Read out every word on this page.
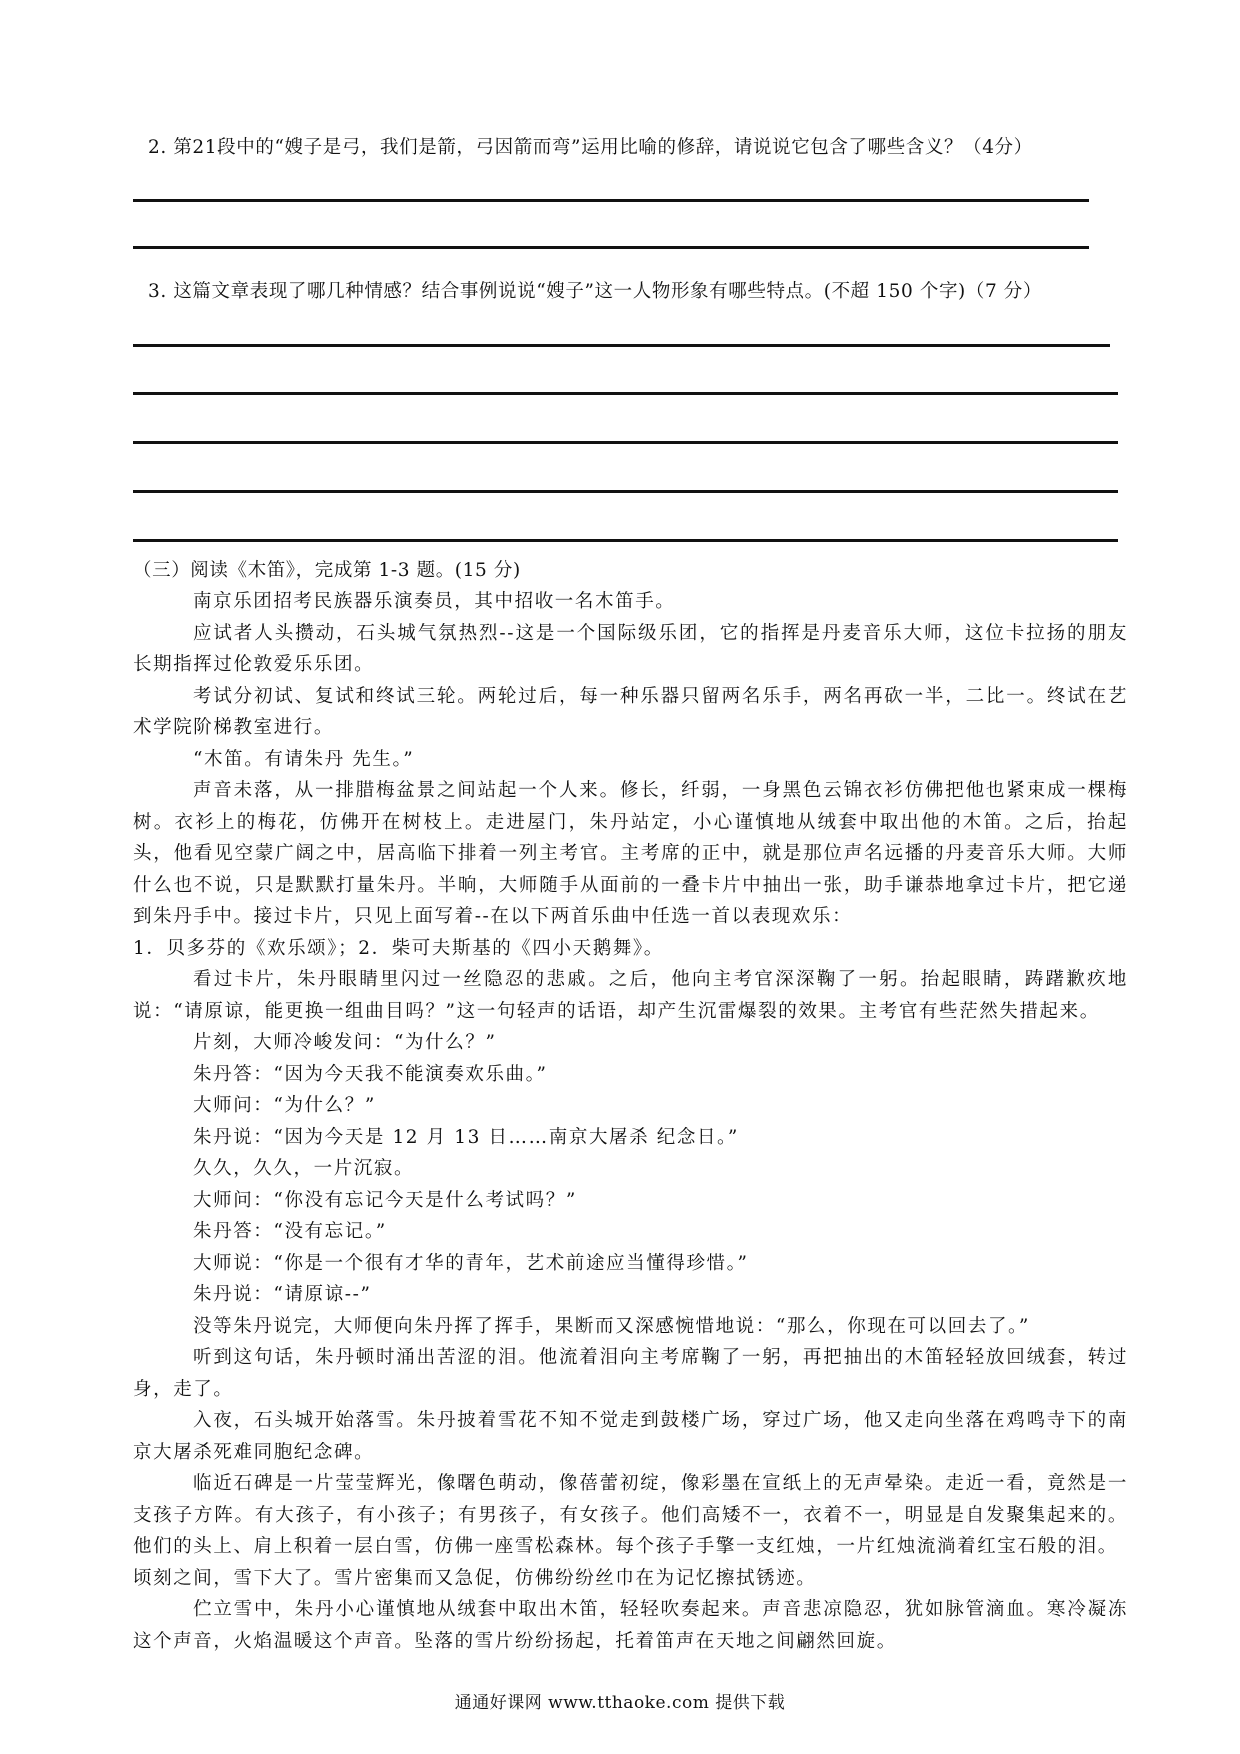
2. 第21段中的“嫂子是弓，我们是箭，弓因箭而弯”运用比喻的修辞，请说说它包含了哪些含义？（4分）
3. 这篇文章表现了哪几种情感？结合事例说说“嫂子”这一人物形象有哪些特点。(不超 150 个字)（7 分）

（三）阅读《木笛》，完成第 1-3 题。(15 分)

南京乐团招考民族器乐演奏员，其中招收一名木笛手。

应试者人头攒动，石头城气氛热烈--这是一个国际级乐团，它的指挥是丹麦音乐大师，这位卡拉扬的朋友长期指挥过伦敦爱乐乐团。

考试分初试、复试和终试三轮。两轮过后，每一种乐器只留两名乐手，两名再砍一半，二比一。终试在艺术学院阶梯教室进行。

“木笛。有请朱丹 先生。”

声音未落，从一排腊梅盆景之间站起一个人来。修长，纤弱，一身黑色云锦衣衫仿佛把他也紧束成一棵梅树。衣衫上的梅花，仿佛开在树枝上。走进屋门，朱丹站定，小心谨慎地从绒套中取出他的木笛。之后，抬起头，他看见空蒙广阔之中，居高临下排着一列主考官。主考席的正中，就是那位声名远播的丹麦音乐大师。大师什么也不说，只是默默打量朱丹。半晌，大师随手从面前的一叠卡片中抽出一张，助手谦恭地拿过卡片，把它递到朱丹手中。接过卡片，只见上面写着--在以下两首乐曲中任选一首以表现欢乐：

1．贝多芬的《欢乐颂》；2．柴可夫斯基的《四小天鹅舞》。

看过卡片，朱丹眼睛里闪过一丝隐忍的悲戚。之后，他向主考官深深鞠了一躬。抬起眼睛，踌躇歉疚地说：“请原谅，能更换一组曲目吗？”这一句轻声的话语，却产生沉雷爆裂的效果。主考官有些茫然失措起来。

片刻，大师冷峻发问：“为什么？”

朱丹答：“因为今天我不能演奏欢乐曲。”

大师问：“为什么？”

朱丹说：“因为今天是 12 月 13 日……南京大屠杀 纪念日。”

久久，久久，一片沉寂。

大师问：“你没有忘记今天是什么考试吗？”

朱丹答：“没有忘记。”

大师说：“你是一个很有才华的青年，艺术前途应当懂得珍惜。”

朱丹说：“请原谅--”

没等朱丹说完，大师便向朱丹挥了挥手，果断而又深感惋惜地说：“那么，你现在可以回去了。”

听到这句话，朱丹顿时涌出苦涩的泪。他流着泪向主考席鞠了一躬，再把抽出的木笛轻轻放回绒套，转过身，走了。

入夜，石头城开始落雪。朱丹披着雪花不知不觉走到鼓楼广场，穿过广场，他又走向坐落在鸡鸣寺下的南京大屠杀死难同胞纪念碑。

临近石碑是一片莹莹辉光，像曙色萌动，像蓓蕾初绽，像彩墨在宣纸上的无声晕染。走近一看，竟然是一支孩子方阵。有大孩子，有小孩子；有男孩子，有女孩子。他们高矮不一，衣着不一，明显是自发聚集起来的。他们的头上、肩上积着一层白雪，仿佛一座雪松森林。每个孩子手擎一支红烛，一片红烛流淌着红宝石般的泪。

顷刻之间，雪下大了。雪片密集而又急促，仿佛纷纷丝巾在为记忆擦拭锈迹。

伫立雪中，朱丹小心谨慎地从绒套中取出木笛，轻轻吹奏起来。声音悲凉隐忍，犹如脉管滴血。寒冷凝冻这个声音，火焰温暖这个声音。坠落的雪片纷纷扬起，托着笛声在天地之间翩然回旋。

通通好课网 www.tthaoke.com 提供下载
